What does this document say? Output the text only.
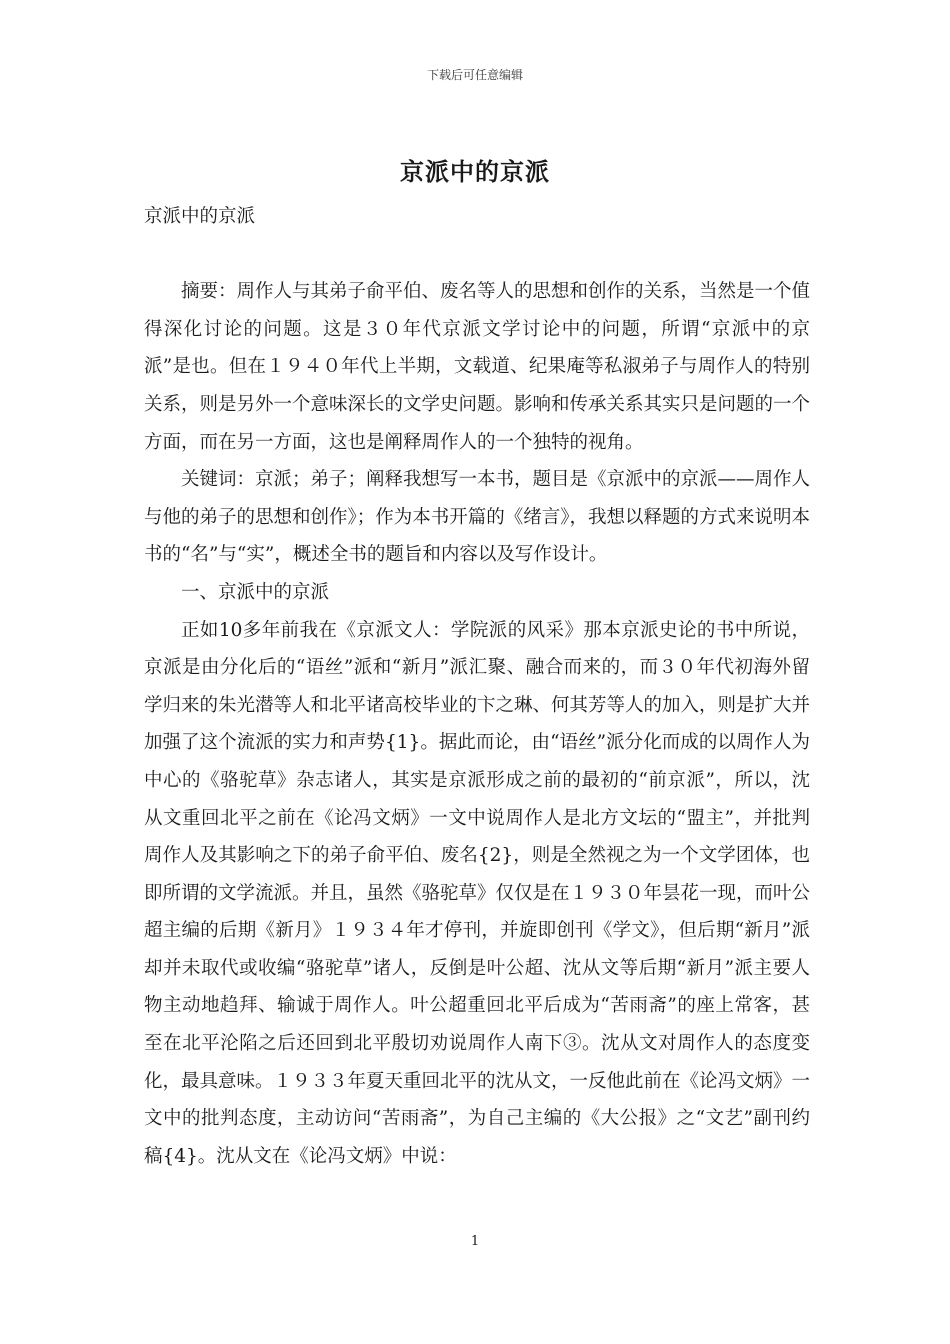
下载后可任意编辑
京派中的京派

京派中的京派

摘要：周作人与其弟子俞平伯、废名等人的思想和创作的关系，当然是一个值得深化讨论的问题。这是３０年代京派文学讨论中的问题，所谓“京派中的京派”是也。但在１９４０年代上半期，文载道、纪果庵等私淑弟子与周作人的特别关系，则是另外一个意味深长的文学史问题。影响和传承关系其实只是问题的一个方面，而在另一方面，这也是阐释周作人的一个独特的视角。

关键词：京派；弟子；阐释我想写一本书，题目是《京派中的京派——周作人与他的弟子的思想和创作》；作为本书开篇的《绪言》，我想以释题的方式来说明本书的“名”与“实”，概述全书的题旨和内容以及写作设计。

一、京派中的京派

正如10多年前我在《京派文人：学院派的风采》那本京派史论的书中所说，京派是由分化后的“语丝”派和“新月”派汇聚、融合而来的，而３０年代初海外留学归来的朱光潜等人和北平诸高校毕业的卞之琳、何其芳等人的加入，则是扩大并加强了这个流派的实力和声势{1}。据此而论，由“语丝”派分化而成的以周作人为中心的《骆驼草》杂志诸人，其实是京派形成之前的最初的“前京派”，所以，沈从文重回北平之前在《论冯文炳》一文中说周作人是北方文坛的“盟主”，并批判周作人及其影响之下的弟子俞平伯、废名{2}，则是全然视之为一个文学团体，也即所谓的文学流派。并且，虽然《骆驼草》仅仅是在１９３０年昙花一现，而叶公超主编的后期《新月》１９３４年才停刊，并旋即创刊《学文》，但后期“新月”派却并未取代或收编“骆驼草”诸人，反倒是叶公超、沈从文等后期“新月”派主要人物主动地趋拜、输诚于周作人。叶公超重回北平后成为“苦雨斋”的座上常客，甚至在北平沦陷之后还回到北平殷切劝说周作人南下③。沈从文对周作人的态度变化，最具意味。１９３３年夏天重回北平的沈从文，一反他此前在《论冯文炳》一文中的批判态度，主动访问“苦雨斋”，为自己主编的《大公报》之“文艺”副刊约稿{4}。沈从文在《论冯文炳》中说：

1
